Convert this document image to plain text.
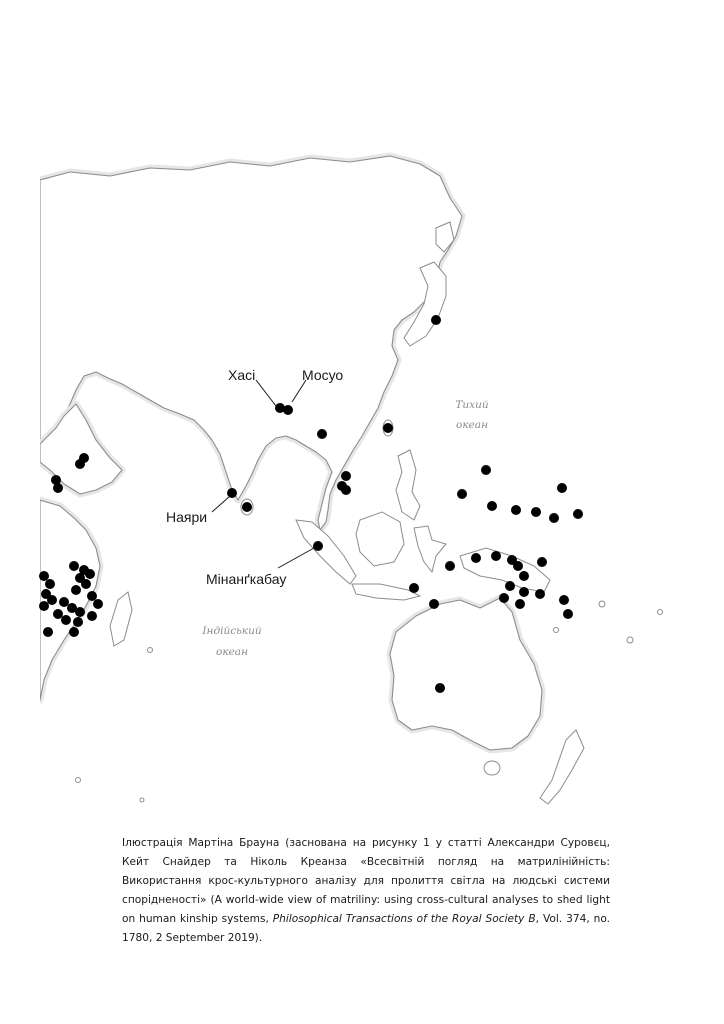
Хасі	Мосуо
Наяри
Мінанґкабау
Тихий
океан
Індійський
океан
Ілюстрація Мартіна Брауна (заснована на рисунку 1 у статті Александри Суровєц, Кейт Снайдер та Ніколь Креанза «Всесвітній погляд на матрилінійність: Використання крос-культурного аналізу для пролиття світла на людські системи спорідненості» (A world-wide view of matriliny: using cross-cultural analyses to shed light on human kinship systems, Philosophical Transactions of the Royal Society B, Vol. 374, no. 1780, 2 September 2019).
